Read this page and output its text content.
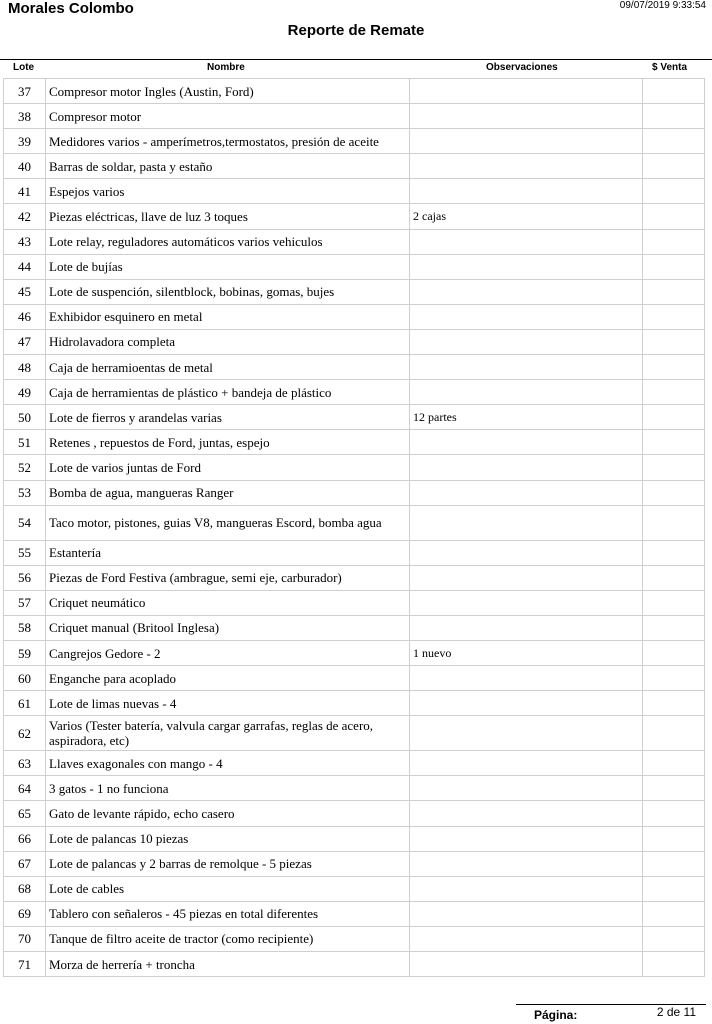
Morales Colombo	09/07/2019 9:33:54
Reporte de Remate
Lote	Nombre	Observaciones	$ Venta
37	Compresor motor Ingles (Austin, Ford)		
38	Compresor motor		
39	Medidores varios - amperímetros,termostatos, presión de aceite		
40	Barras de soldar, pasta y estaño		
41	Espejos varios		
42	Piezas eléctricas, llave de luz 3 toques	2 cajas	
43	Lote relay, reguladores automáticos varios vehiculos		
44	Lote de bujías		
45	Lote de suspención, silentblock, bobinas, gomas, bujes		
46	Exhibidor esquinero en metal		
47	Hidrolavadora completa		
48	Caja de herramioentas de metal		
49	Caja de herramientas de plástico + bandeja de plástico		
50	Lote de fierros y arandelas varias	12 partes	
51	Retenes , repuestos de Ford, juntas, espejo		
52	Lote de varios juntas de Ford		
53	Bomba de agua, mangueras Ranger		
54	Taco motor, pistones, guias V8, mangueras Escord, bomba agua		
55	Estantería		
56	Piezas de Ford Festiva (ambrague, semi eje, carburador)		
57	Criquet neumático		
58	Criquet manual (Britool Inglesa)		
59	Cangrejos Gedore - 2	1 nuevo	
60	Enganche para acoplado		
61	Lote de limas nuevas - 4		
62	Varios (Tester batería, valvula cargar garrafas, reglas de acero, aspiradora, etc)		
63	Llaves exagonales con mango - 4		
64	3 gatos - 1 no funciona		
65	Gato de levante rápido, echo casero		
66	Lote de palancas 10 piezas		
67	Lote de palancas y 2 barras de remolque - 5 piezas		
68	Lote de cables		
69	Tablero con señaleros - 45 piezas en total diferentes		
70	Tanque de filtro aceite de tractor (como recipiente)		
71	Morza de herrería + troncha		
Página:	2 de 11
